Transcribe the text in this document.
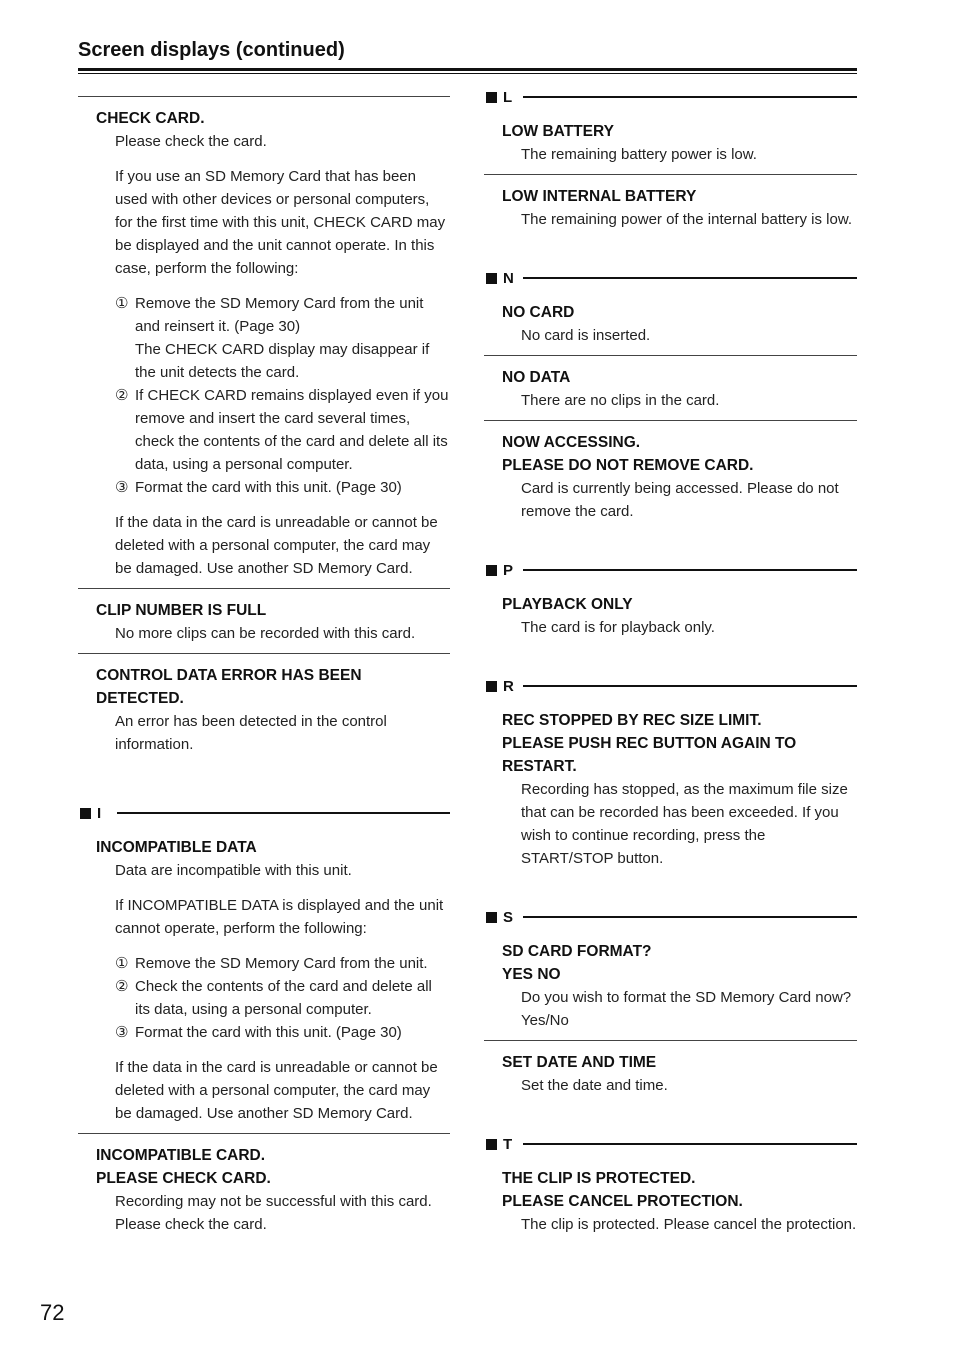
Screen displays (continued)
CHECK CARD.

Please check the card.

If you use an SD Memory Card that has been used with other devices or personal computers, for the first time with this unit, CHECK CARD may be displayed and the unit cannot operate. In this case, perform the following:

① Remove the SD Memory Card from the unit and reinsert it. (Page 30)
The CHECK CARD display may disappear if the unit detects the card.
② If CHECK CARD remains displayed even if you remove and insert the card several times, check the contents of the card and delete all its data, using a personal computer.
③ Format the card with this unit. (Page 30)

If the data in the card is unreadable or cannot be deleted with a personal computer, the card may be damaged. Use another SD Memory Card.

CLIP NUMBER IS FULL
No more clips can be recorded with this card.
CONTROL DATA ERROR HAS BEEN DETECTED.
An error has been detected in the control information.
I
INCOMPATIBLE DATA

Data are incompatible with this unit.

If INCOMPATIBLE DATA is displayed and the unit cannot operate, perform the following:

① Remove the SD Memory Card from the unit.
② Check the contents of the card and delete all its data, using a personal computer.
③ Format the card with this unit. (Page 30)

If the data in the card is unreadable or cannot be deleted with a personal computer, the card may be damaged. Use another SD Memory Card.

INCOMPATIBLE CARD.
PLEASE CHECK CARD.
Recording may not be successful with this card. Please check the card.
L
LOW BATTERY
The remaining battery power is low.
LOW INTERNAL BATTERY
The remaining power of the internal battery is low.
N
NO CARD
No card is inserted.
NO DATA
There are no clips in the card.
NOW ACCESSING.
PLEASE DO NOT REMOVE CARD.
Card is currently being accessed. Please do not remove the card.
P
PLAYBACK ONLY
The card is for playback only.
R
REC STOPPED BY REC SIZE LIMIT.
PLEASE PUSH REC BUTTON AGAIN TO RESTART.
Recording has stopped, as the maximum file size that can be recorded has been exceeded. If you wish to continue recording, press the START/STOP button.
S
SD CARD FORMAT?
YES NO
Do you wish to format the SD Memory Card now?
Yes/No
SET DATE AND TIME
Set the date and time.
T
THE CLIP IS PROTECTED.
PLEASE CANCEL PROTECTION.
The clip is protected. Please cancel the protection.
72
